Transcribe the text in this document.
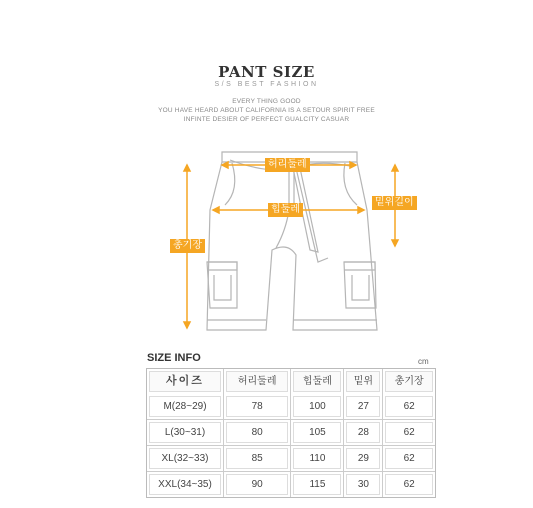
PANT SIZE
S/S BEST FASHION
EVERY THING GOOD
YOU HAVE HEARD ABOUT CALIFORNIA IS A SETOUR SPIRIT FREE
INFINTE DESIER OF PERFECT GUALCITY CASUAR
허리둘레
힙둘레
밑위길이
총기장
SIZE INFO	cm
사이즈	허리둘레	힙둘레	밑위	총기장

M(28~29)	78	100	27	62

L(30~31)	80	105	28	62

XL(32~33)	85	110	29	62

XXL(34~35)	90	115	30	62
